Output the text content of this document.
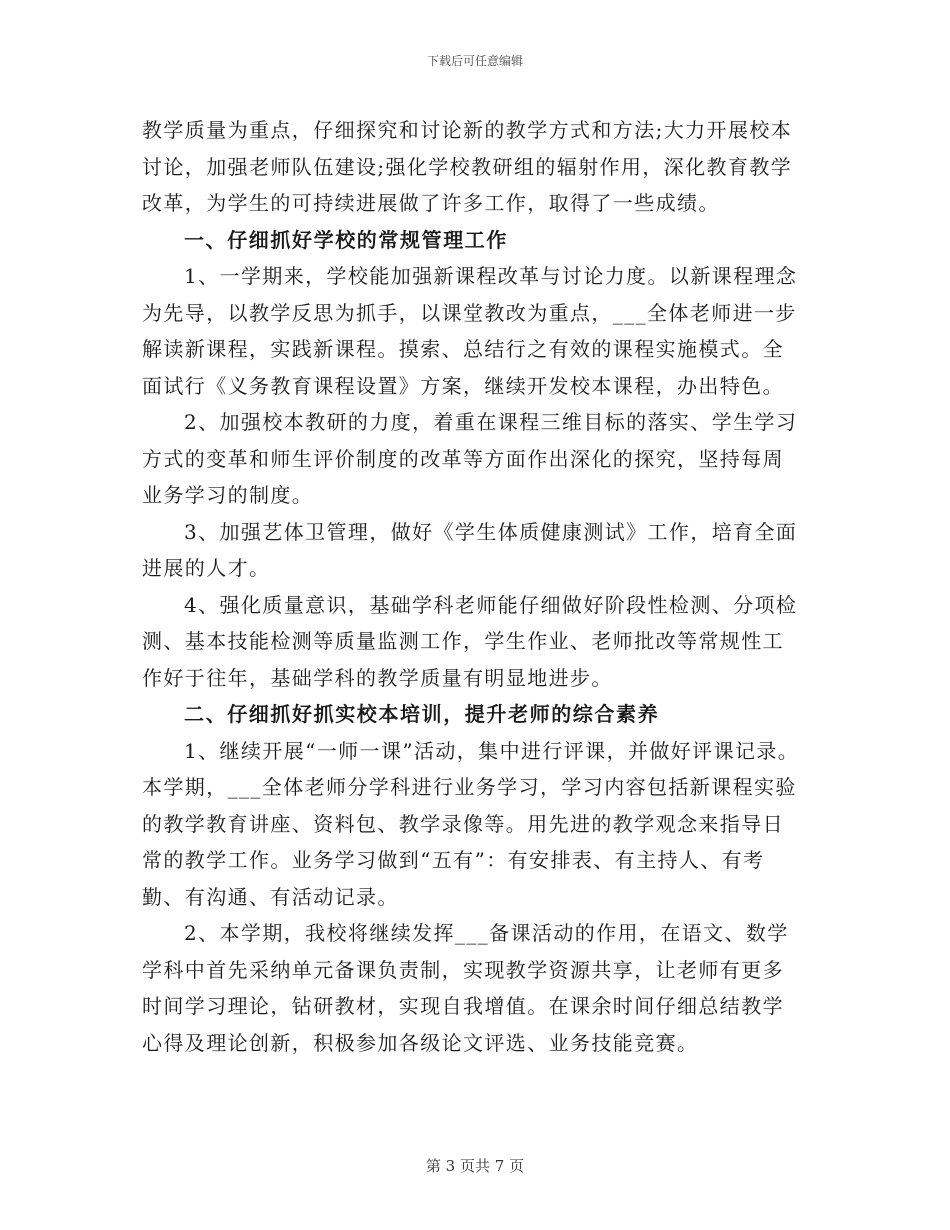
下载后可任意编辑
教学质量为重点，仔细探究和讨论新的教学方式和方法;大力开展校本
讨论，加强老师队伍建设;强化学校教研组的辐射作用，深化教育教学
改革，为学生的可持续进展做了许多工作，取得了一些成绩。
一、仔细抓好学校的常规管理工作
1、一学期来，学校能加强新课程改革与讨论力度。以新课程理念
为先导，以教学反思为抓手，以课堂教改为重点，___全体老师进一步
解读新课程，实践新课程。摸索、总结行之有效的课程实施模式。全
面试行《义务教育课程设置》方案，继续开发校本课程，办出特色。
2、加强校本教研的力度，着重在课程三维目标的落实、学生学习
方式的变革和师生评价制度的改革等方面作出深化的探究，坚持每周
业务学习的制度。
3、加强艺体卫管理，做好《学生体质健康测试》工作，培育全面
进展的人才。
4、强化质量意识，基础学科老师能仔细做好阶段性检测、分项检
测、基本技能检测等质量监测工作，学生作业、老师批改等常规性工
作好于往年，基础学科的教学质量有明显地进步。
二、仔细抓好抓实校本培训，提升老师的综合素养
1、继续开展“一师一课”活动，集中进行评课，并做好评课记录。
本学期，___全体老师分学科进行业务学习，学习内容包括新课程实验
的教学教育讲座、资料包、教学录像等。用先进的教学观念来指导日
常的教学工作。业务学习做到“五有”：有安排表、有主持人、有考
勤、有沟通、有活动记录。
2、本学期，我校将继续发挥___备课活动的作用，在语文、数学
学科中首先采纳单元备课负责制，实现教学资源共享，让老师有更多
时间学习理论，钻研教材，实现自我增值。在课余时间仔细总结教学
心得及理论创新，积极参加各级论文评选、业务技能竞赛。
第 3 页共 7 页
